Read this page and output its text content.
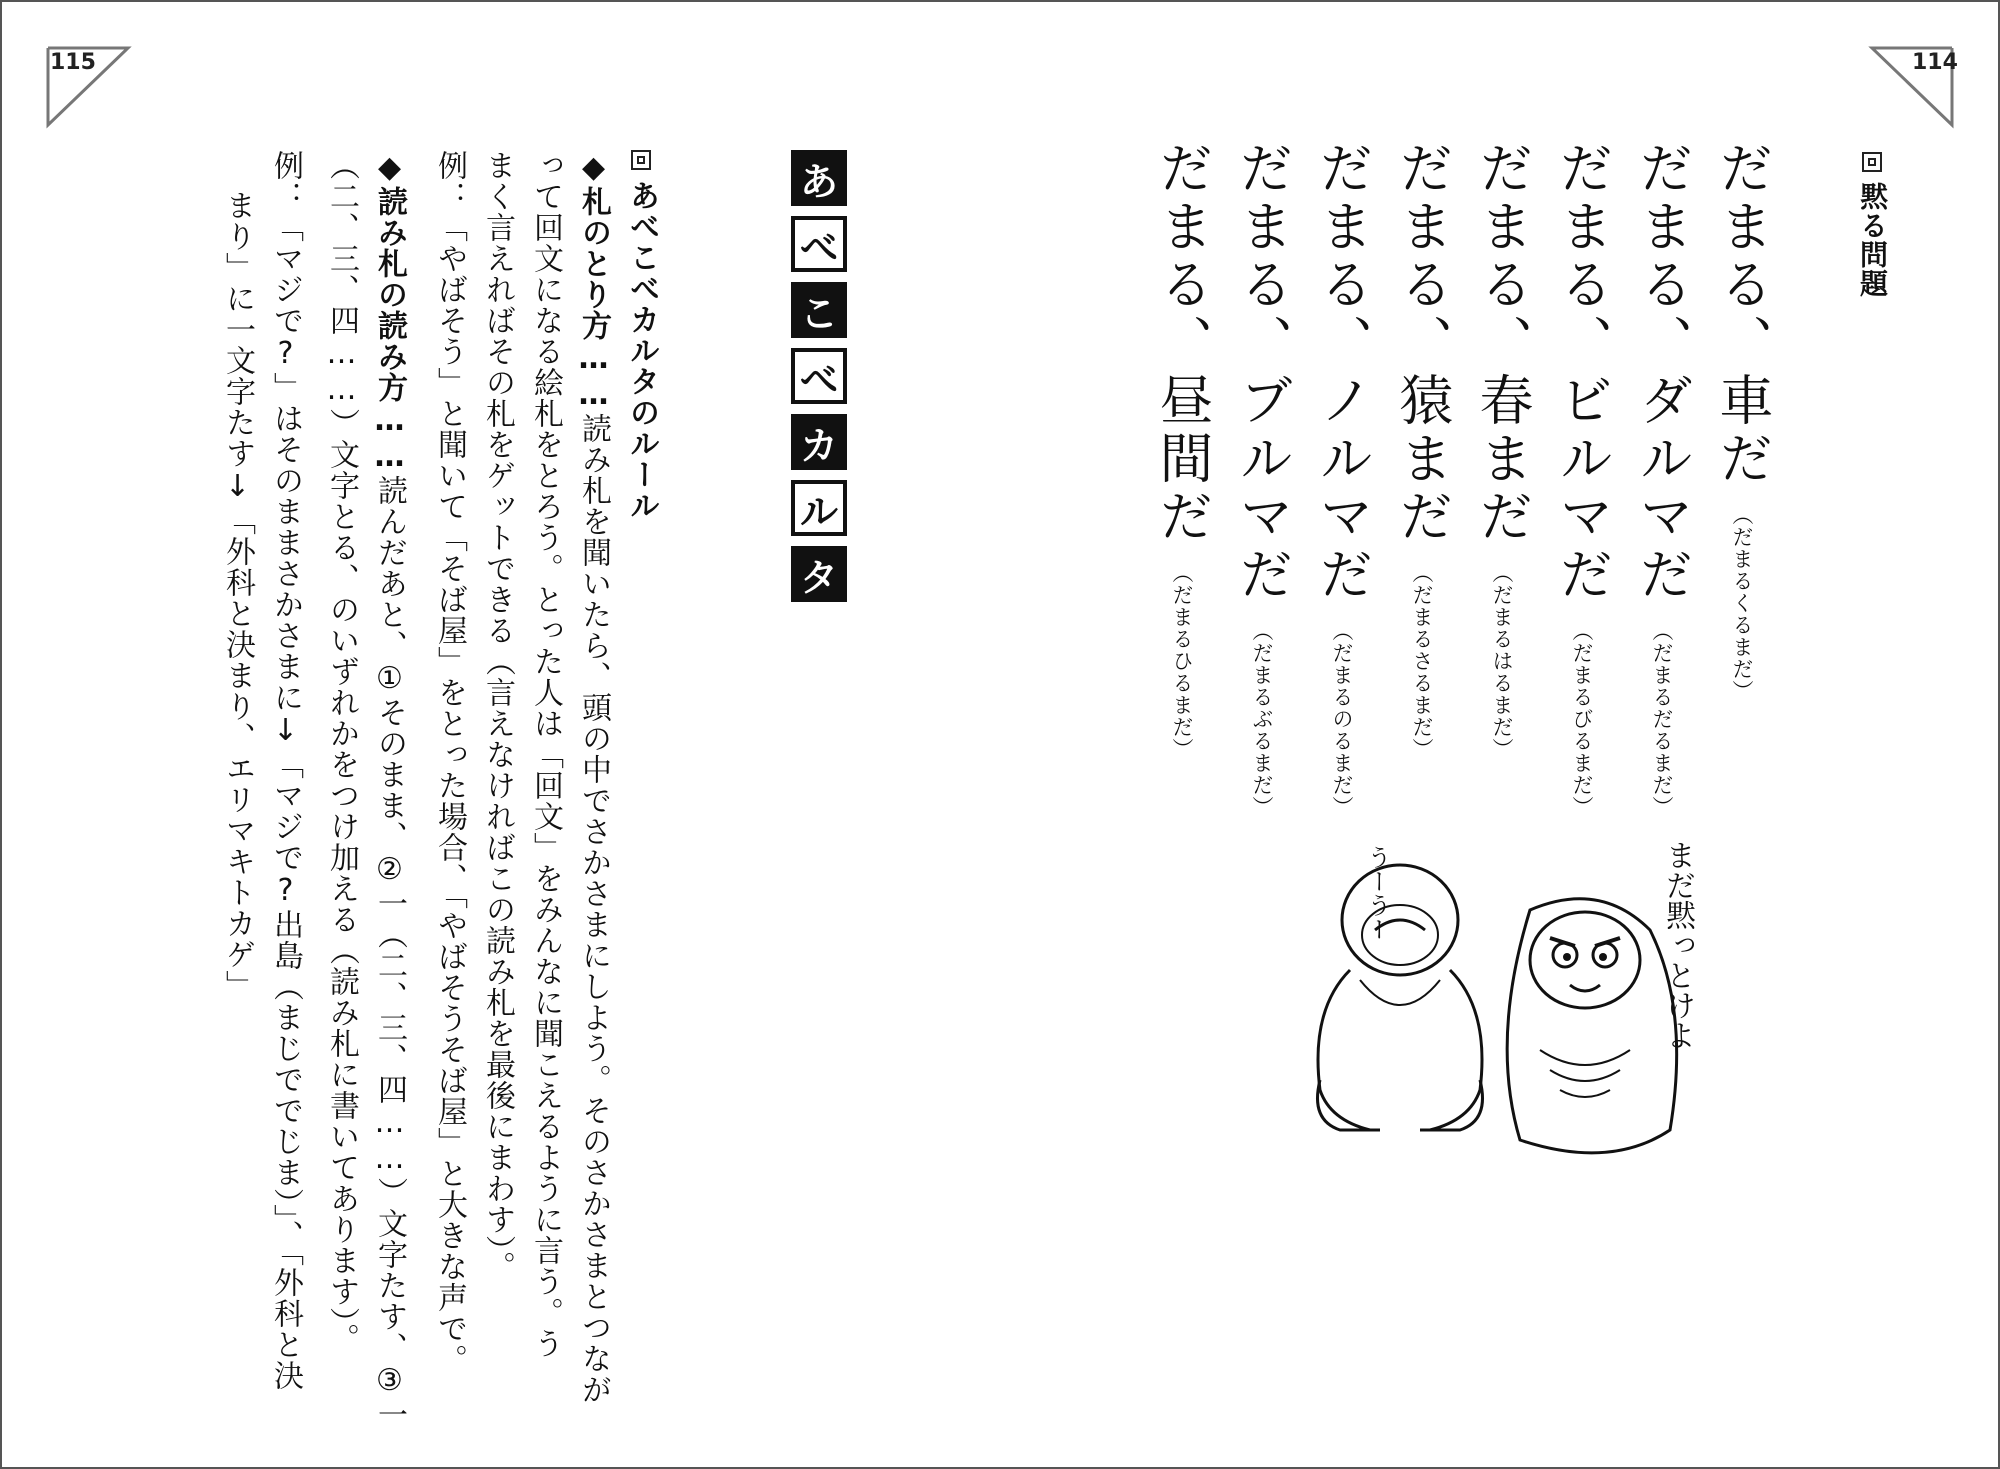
115	114
黙る問題
だまる、車だ（だまるくるまだ）
だまる、ダルマだ（だまるだるまだ）
だまる、ビルマだ（だまるびるまだ）
だまる、春まだ（だまるはるまだ）
だまる、猿まだ（だまるさるまだ）
だまる、ノルマだ（だまるのるまだ）
だまる、ブルマだ（だまるぶるまだ）
だまる、昼間だ（だまるひるまだ）
まだ黙っとけよ
うーうー
あ
べ
こ
べ
カ
ル
タ
あべこべカルタのルール
◆札のとり方……読み札を聞いたら、頭の中でさかさまにしよう。そのさかさまとつなが
って回文になる絵札をとろう。とった人は「回文」をみんなに聞こえるように言う。う
まく言えればその札をゲットできる（言えなければこの読み札を最後にまわす）。
例：「やばそう」と聞いて「そば屋」をとった場合、「やばそうそば屋」と大きな声で。
◆読み札の読み方……読んだあと、①そのまま、②一（二、三、四……）文字たす、③一
（二、三、四……）文字とる、のいずれかをつけ加える（読み札に書いてあります）。
例：「マジで?」はそのままさかさまに↓「マジで?出島（まじででじま）」、「外科と決
まり」に一文字たす↓「外科と決まり、エリマキトカゲ」
